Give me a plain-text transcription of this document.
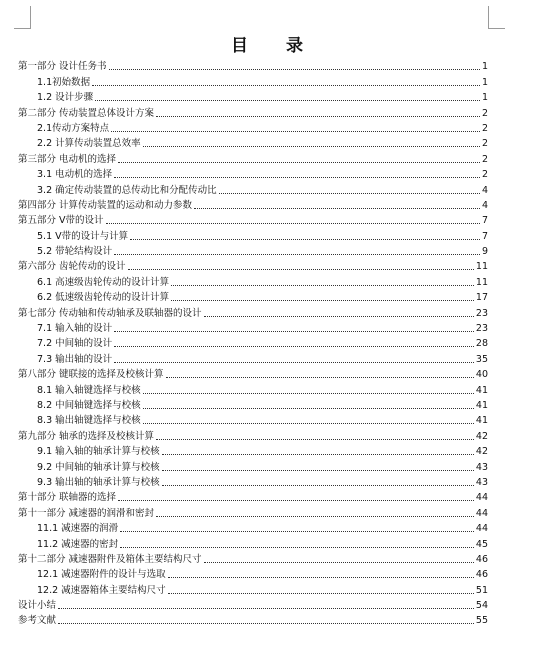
目 录
第一部分 设计任务书	1
1.1初始数据	1
1.2 设计步骤	1
第二部分 传动装置总体设计方案	2
2.1传动方案特点	2
2.2 计算传动装置总效率	2
第三部分 电动机的选择	2
3.1 电动机的选择	2
3.2 确定传动装置的总传动比和分配传动比	4
第四部分 计算传动装置的运动和动力参数	4
第五部分 V带的设计	7
5.1 V带的设计与计算	7
5.2 带轮结构设计	9
第六部分 齿轮传动的设计	11
6.1 高速级齿轮传动的设计计算	11
6.2 低速级齿轮传动的设计计算	17
第七部分 传动轴和传动轴承及联轴器的设计	23
7.1 输入轴的设计	23
7.2 中间轴的设计	28
7.3 输出轴的设计	35
第八部分 键联接的选择及校核计算	40
8.1 输入轴键选择与校核	41
8.2 中间轴键选择与校核	41
8.3 输出轴键选择与校核	41
第九部分 轴承的选择及校核计算	42
9.1 输入轴的轴承计算与校核	42
9.2 中间轴的轴承计算与校核	43
9.3 输出轴的轴承计算与校核	43
第十部分 联轴器的选择	44
第十一部分 减速器的润滑和密封	44
11.1 减速器的润滑	44
11.2 减速器的密封	45
第十二部分 减速器附件及箱体主要结构尺寸	46
12.1 减速器附件的设计与选取	46
12.2 减速器箱体主要结构尺寸	51
设计小结	54
参考文献	55
